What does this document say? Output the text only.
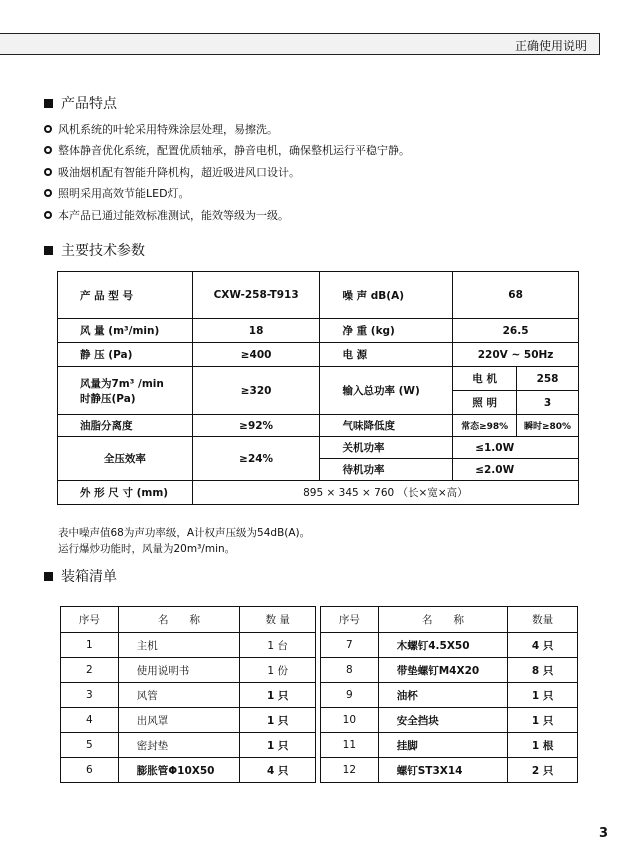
正确使用说明
产品特点
风机系统的叶轮采用特殊涂层处理，易擦洗。
整体静音优化系统，配置优质轴承，静音电机，确保整机运行平稳宁静。
吸油烟机配有智能升降机构，超近吸进风口设计。
照明采用高效节能LED灯。
本产品已通过能效标准测试，能效等级为一级。
主要技术参数
产 品 型 号	CXW-258-T913	噪 声 dB(A)	68	
风 量 (m³/min)	18	净 重 (kg)	26.5	
静 压 (Pa)	≥400	电 源	220V ~ 50Hz	

风量为7m³ /min
时静压(Pa)	≥320	输入总功率 (W)	电 机	258
			照 明	3
油脂分离度	≥92%	气味降低度	常态≥98%	瞬时≥80%
全压效率	≥24%	关机功率	≤1.0W	
		待机功率	≤2.0W	
外 形 尺 寸 (mm)	895 × 345 × 760 （长×宽×高）			
表中噪声值68为声功率级，A计权声压级为54dB(A)。
运行爆炒功能时，风量为20m³/min。
装箱清单
序号	名　　称	数 量
1	主机	1 台
2	使用说明书	1 份
3	风管	1 只
4	出风罩	1 只
5	密封垫	1 只
6	膨胀管Φ10X50	4 只
序号	名　　称	数量
7	木螺钉4.5X50	4 只
8	带垫螺钉M4X20	8 只
9	油杯	1 只
10	安全挡块	1 只
11	挂脚	1 根
12	螺钉ST3X14	2 只
3
